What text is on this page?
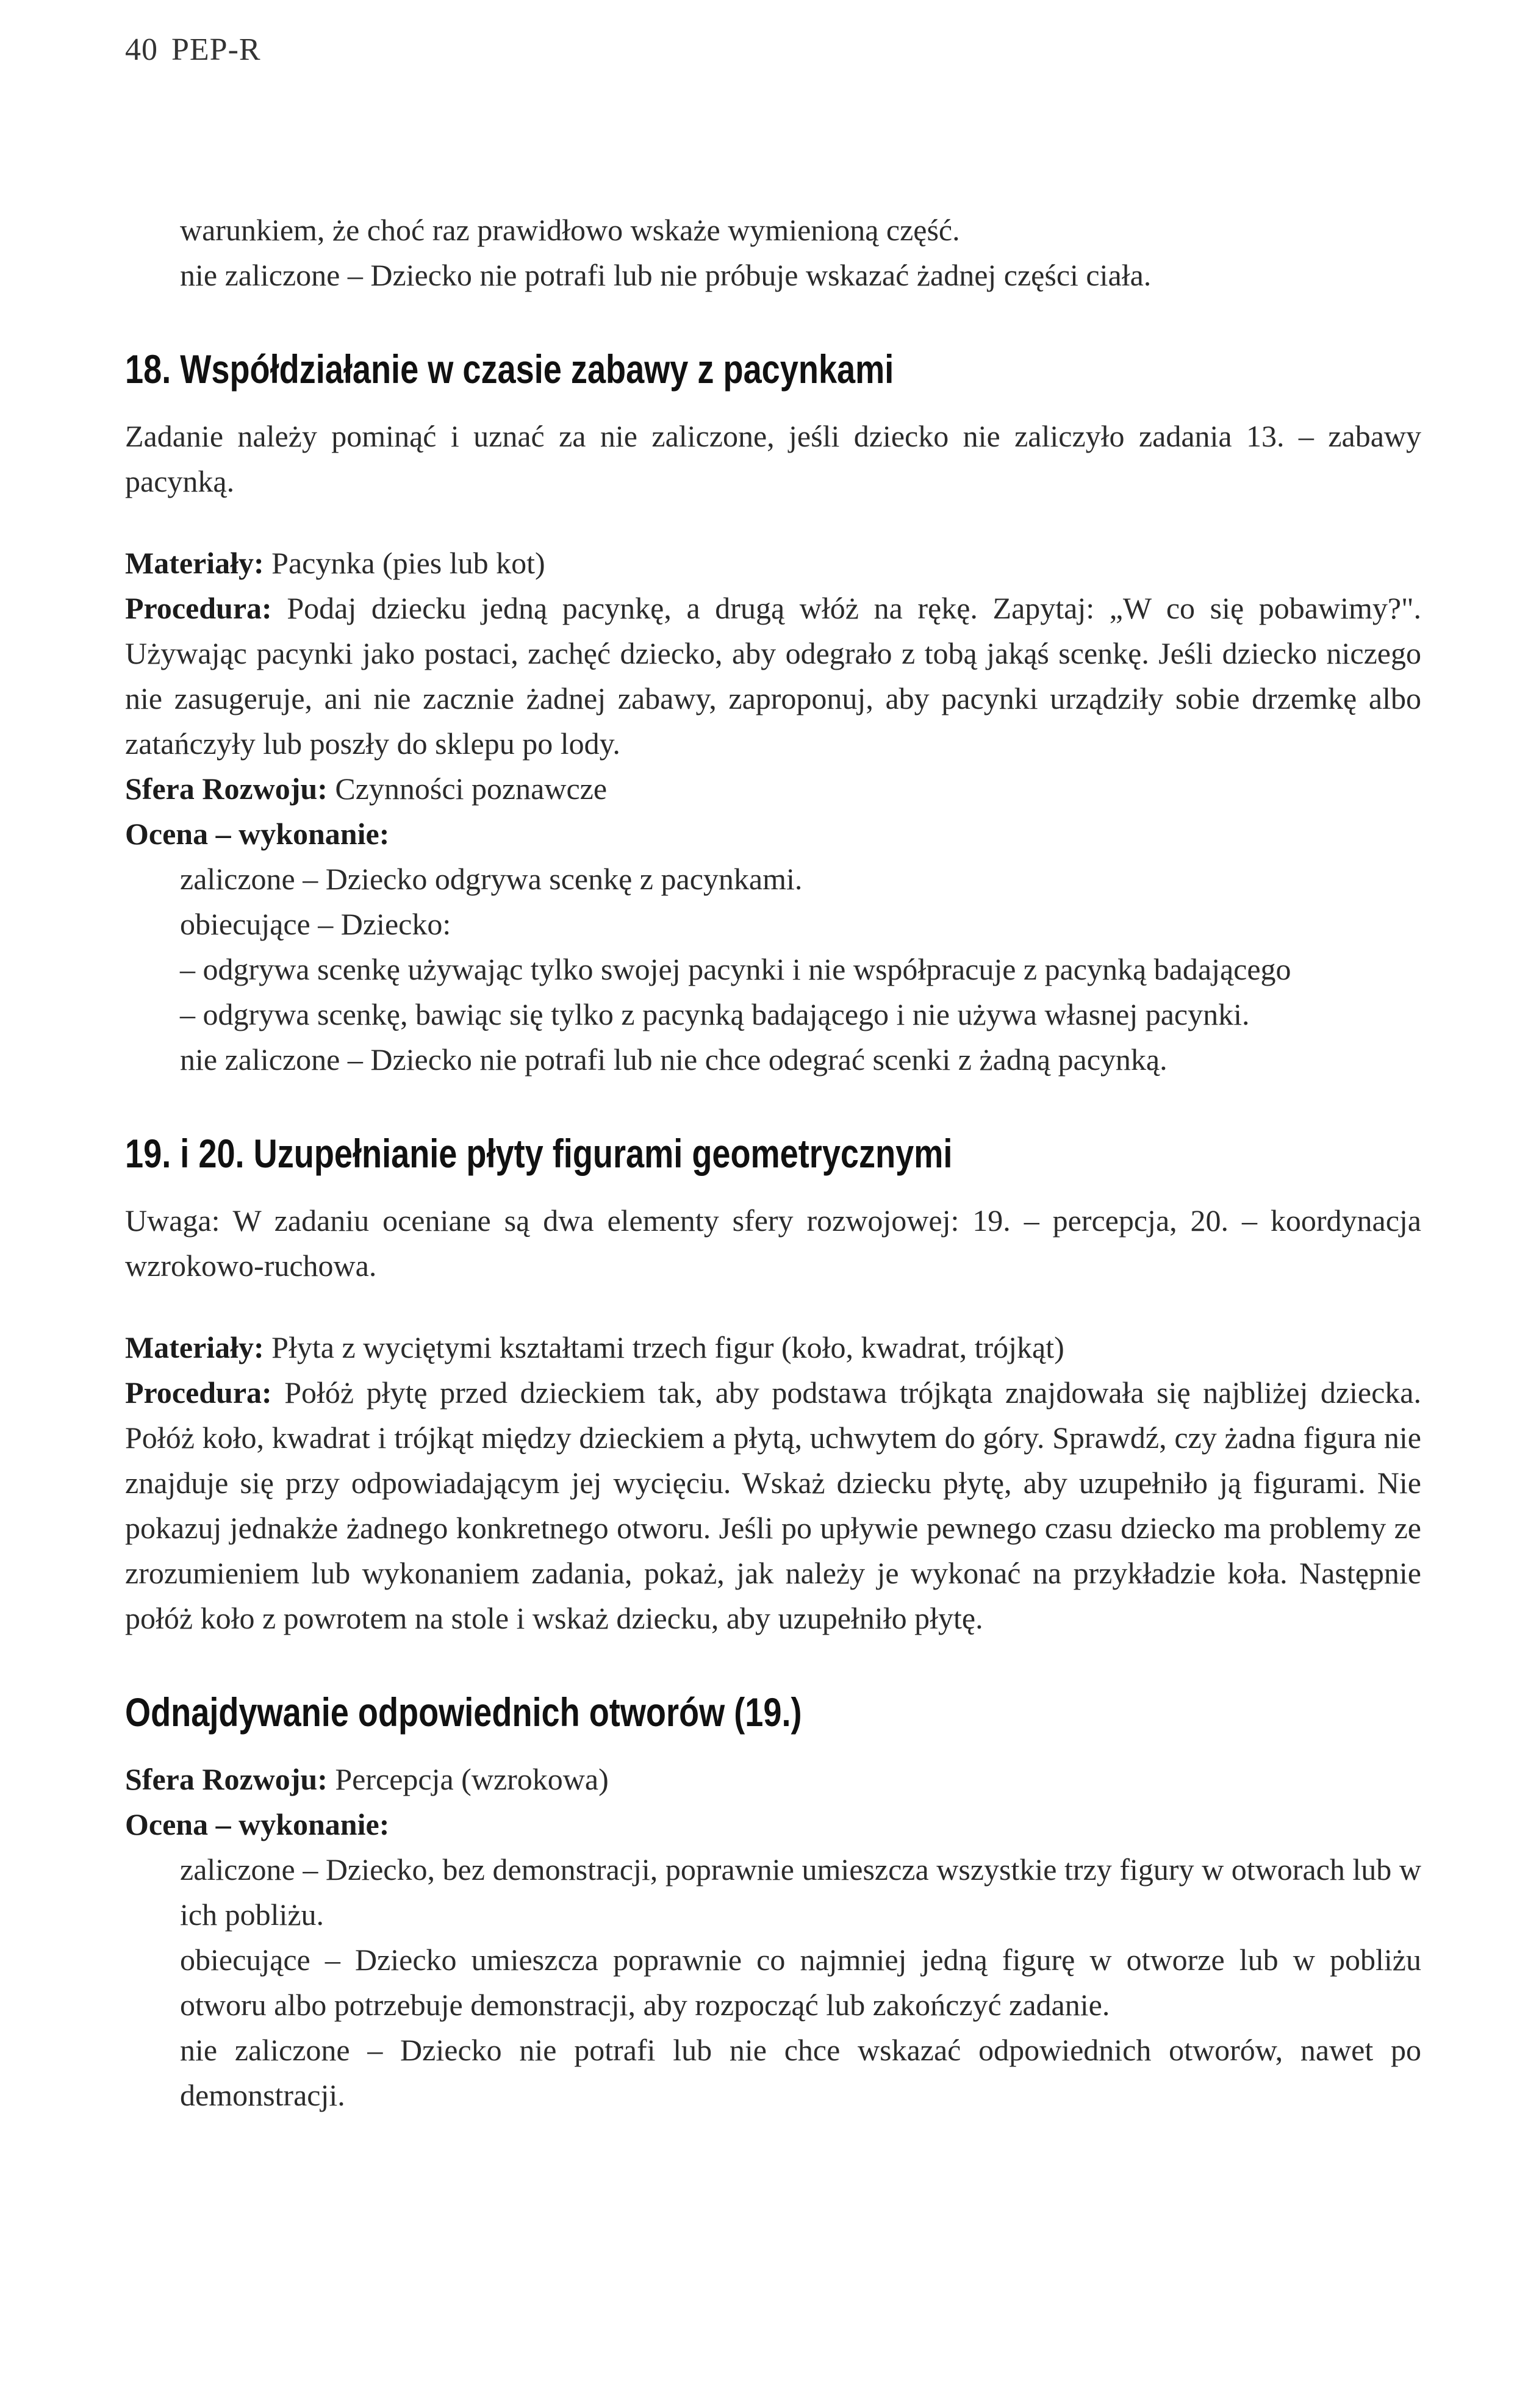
40 PEP-R

warunkiem, że choć raz prawidłowo wskaże wymienioną część.

nie zaliczone – Dziecko nie potrafi lub nie próbuje wskazać żadnej części ciała.

18. Współdziałanie w czasie zabawy z pacynkami

Zadanie należy pominąć i uznać za nie zaliczone, jeśli dziecko nie zaliczyło zadania 13. – zabawy pacynką.

Materiały: Pacynka (pies lub kot)

Procedura: Podaj dziecku jedną pacynkę, a drugą włóż na rękę. Zapytaj: „W co się pobawimy?". Używając pacynki jako postaci, zachęć dziecko, aby odegrało z tobą jakąś scenkę. Jeśli dziecko niczego nie zasugeruje, ani nie zacznie żadnej zabawy, zaproponuj, aby pacynki urządziły sobie drzemkę albo zatańczyły lub poszły do sklepu po lody.

Sfera Rozwoju: Czynności poznawcze

Ocena – wykonanie:

zaliczone – Dziecko odgrywa scenkę z pacynkami.

obiecujące – Dziecko:

– odgrywa scenkę używając tylko swojej pacynki i nie współpracuje z pacynką badającego

– odgrywa scenkę, bawiąc się tylko z pacynką badającego i nie używa własnej pacynki.

nie zaliczone – Dziecko nie potrafi lub nie chce odegrać scenki z żadną pacynką.

19. i 20. Uzupełnianie płyty figurami geometrycznymi

Uwaga: W zadaniu oceniane są dwa elementy sfery rozwojowej: 19. – percepcja, 20. – koordynacja wzrokowo-ruchowa.

Materiały: Płyta z wyciętymi kształtami trzech figur (koło, kwadrat, trójkąt)

Procedura: Połóż płytę przed dzieckiem tak, aby podstawa trójkąta znajdowała się najbliżej dziecka. Połóż koło, kwadrat i trójkąt między dzieckiem a płytą, uchwytem do góry. Sprawdź, czy żadna figura nie znajduje się przy odpowiadającym jej wycięciu. Wskaż dziecku płytę, aby uzupełniło ją figurami. Nie pokazuj jednakże żadnego konkretnego otworu. Jeśli po upływie pewnego czasu dziecko ma problemy ze zrozumieniem lub wykonaniem zadania, pokaż, jak należy je wykonać na przykładzie koła. Następnie połóż koło z powrotem na stole i wskaż dziecku, aby uzupełniło płytę.

Odnajdywanie odpowiednich otworów (19.)

Sfera Rozwoju: Percepcja (wzrokowa)

Ocena – wykonanie:

zaliczone – Dziecko, bez demonstracji, poprawnie umieszcza wszystkie trzy figury w otworach lub w ich pobliżu.

obiecujące – Dziecko umieszcza poprawnie co najmniej jedną figurę w otworze lub w pobliżu otworu albo potrzebuje demonstracji, aby rozpocząć lub zakończyć zadanie.

nie zaliczone – Dziecko nie potrafi lub nie chce wskazać odpowiednich otworów, nawet po demonstracji.
